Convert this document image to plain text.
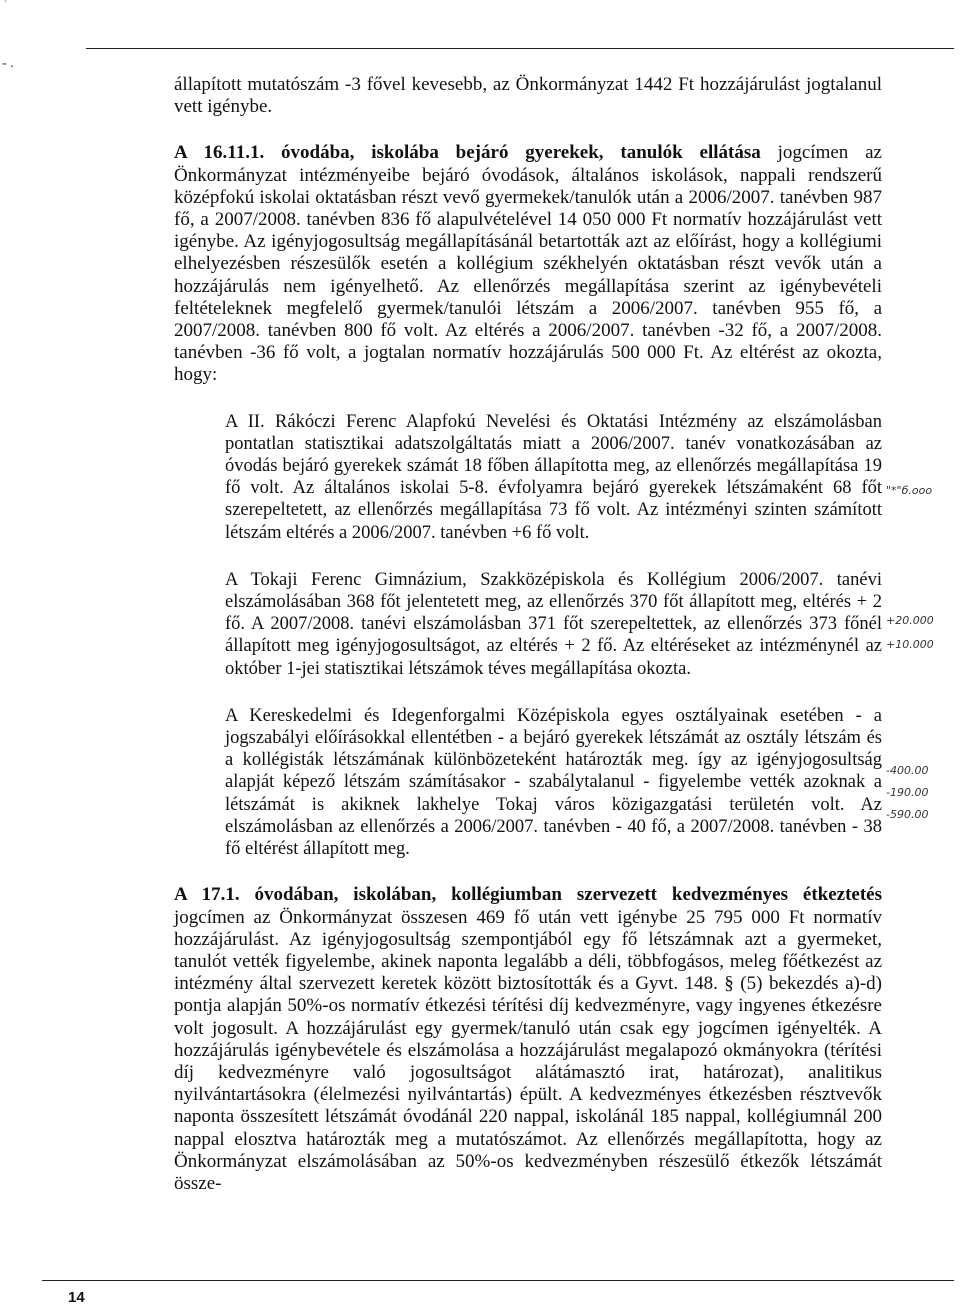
`
- .

állapított mutatószám -3 fővel kevesebb, az Önkormányzat 1442 Ft hozzájárulást jogtalanul vett igénybe.

A 16.11.1. óvodába, iskolába bejáró gyerekek, tanulók ellátása jogcímen az Önkormányzat intézményeibe bejáró óvodások, általános iskolások, nappali rendszerű középfokú iskolai oktatásban részt vevő gyermekek/tanulók után a 2006/2007. tanévben 987 fő, a 2007/2008. tanévben 836 fő alapulvételével 14 050 000 Ft normatív hozzájárulást vett igénybe. Az igényjogosultság megállapításánál betartották azt az előírást, hogy a kollégiumi elhelyezésben részesülők esetén a kollégium székhelyén oktatásban részt vevők után a hozzájárulás nem igényelhető. Az ellenőrzés megállapítása szerint az igénybevételi feltételeknek megfelelő gyermek/tanulói létszám a 2006/2007. tanévben 955 fő, a 2007/2008. tanévben 800 fő volt. Az eltérés a 2006/2007. tanévben -32 fő, a 2007/2008. tanévben -36 fő volt, a jogtalan normatív hozzájárulás 500 000 Ft. Az eltérést az okozta, hogy:

A II. Rákóczi Ferenc Alapfokú Nevelési és Oktatási Intézmény az elszámolásban pontatlan statisztikai adatszolgáltatás miatt a 2006/2007. tanév vonatkozásában az óvodás bejáró gyerekek számát 18 főben állapította meg, az ellenőrzés megállapítása 19 fő volt. Az általános iskolai 5-8. évfolyamra bejáró gyerekek létszámaként 68 főt szerepeltetett, az ellenőrzés megállapítása 73 fő volt. Az intézményi szinten számított létszám eltérés a 2006/2007. tanévben +6 fő volt.

A Tokaji Ferenc Gimnázium, Szakközépiskola és Kollégium 2006/2007. tanévi elszámolásában 368 főt jelentetett meg, az ellenőrzés 370 főt állapított meg, eltérés + 2 fő. A 2007/2008. tanévi elszámolásban 371 főt szerepeltettek, az ellenőrzés 373 főnél állapított meg igényjogosultságot, az eltérés + 2 fő. Az eltéréseket az intézménynél az október 1-jei statisztikai létszámok téves megállapítása okozta.

A Kereskedelmi és Idegenforgalmi Középiskola egyes osztályainak esetében - a jogszabályi előírásokkal ellentétben - a bejáró gyerekek létszámát az osztály létszám és a kollégisták létszámának különbözeteként határozták meg. így az igényjogosultság alapját képező létszám számításakor - szabálytalanul - figyelembe vették azoknak a létszámát is akiknek lakhelye Tokaj város közigazgatási területén volt. Az elszámolásban az ellenőrzés a 2006/2007. tanévben - 40 fő, a 2007/2008. tanévben - 38 fő eltérést állapított meg.

A 17.1. óvodában, iskolában, kollégiumban szervezett kedvezményes étkeztetés jogcímen az Önkormányzat összesen 469 fő után vett igénybe 25 795 000 Ft normatív hozzájárulást. Az igényjogosultság szempontjából egy fő létszámnak azt a gyermeket, tanulót vették figyelembe, akinek naponta legalább a déli, többfogásos, meleg főétkezést az intézmény által szervezett keretek között biztosították és a Gyvt. 148. § (5) bekezdés a)-d) pontja alapján 50%-os normatív étkezési térítési díj kedvezményre, vagy ingyenes étkezésre volt jogosult. A hozzájárulást egy gyermek/tanuló után csak egy jogcímen igényelték. A hozzájárulás igénybevétele és elszámolása a hozzájárulást megalapozó okmányokra (térítési díj kedvezményre való jogosultságot alátámasztó irat, határozat), analitikus nyilvántartásokra (élelmezési nyilvántartás) épült. A kedvezményes étkezésben résztvevők naponta összesített létszámát óvodánál 220 nappal, iskolánál 185 nappal, kollégiumnál 200 nappal elosztva határozták meg a mutatószámot. Az ellenőrzés megállapította, hogy az Önkormányzat elszámolásában az 50%-os kedvezményben részesülő étkezők létszámát össze-

"*"б.ооо
+20.000
+10.000
-400.00
-190.00
-590.00
14
